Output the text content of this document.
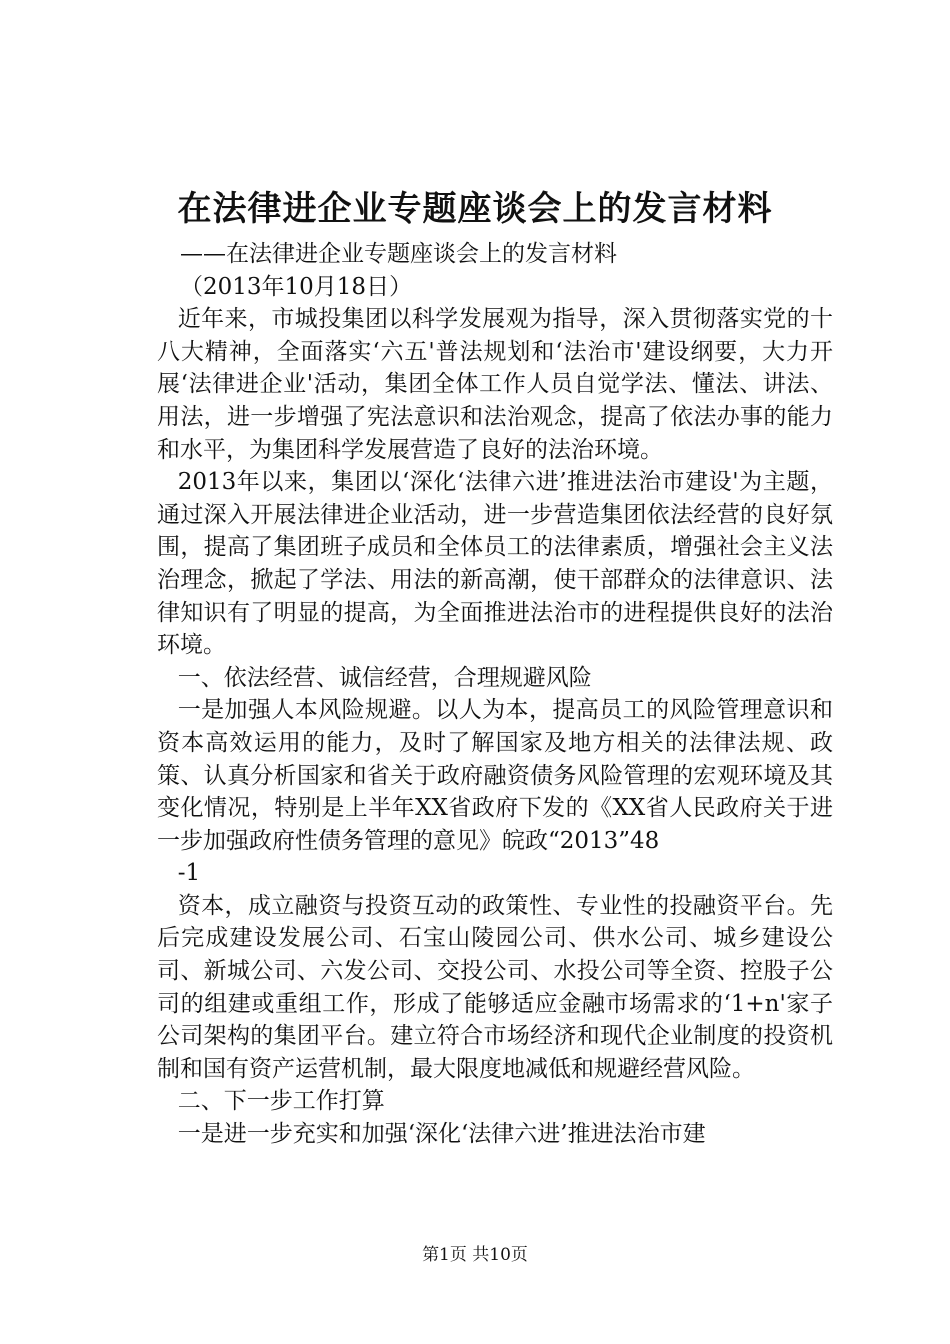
在法律进企业专题座谈会上的发言材料

——在法律进企业专题座谈会上的发言材料

（2013年10月18日）

近年来，市城投集团以科学发展观为指导，深入贯彻落实党的十八大精神，全面落实‘六五'普法规划和‘法治市'建设纲要，大力开展‘法律进企业'活动，集团全体工作人员自觉学法、懂法、讲法、用法，进一步增强了宪法意识和法治观念，提高了依法办事的能力和水平，为集团科学发展营造了良好的法治环境。

2013年以来，集团以‘深化‘法律六进’推进法治市建设'为主题，通过深入开展法律进企业活动，进一步营造集团依法经营的良好氛围，提高了集团班子成员和全体员工的法律素质，增强社会主义法治理念，掀起了学法、用法的新高潮，使干部群众的法律意识、法律知识有了明显的提高，为全面推进法治市的进程提供良好的法治环境。

一、依法经营、诚信经营，合理规避风险

一是加强人本风险规避。以人为本，提高员工的风险管理意识和资本高效运用的能力，及时了解国家及地方相关的法律法规、政策、认真分析国家和省关于政府融资债务风险管理的宏观环境及其变化情况，特别是上半年XX省政府下发的《XX省人民政府关于进一步加强政府性债务管理的意见》皖政“2013”48

-1

资本，成立融资与投资互动的政策性、专业性的投融资平台。先后完成建设发展公司、石宝山陵园公司、供水公司、城乡建设公司、新城公司、六发公司、交投公司、水投公司等全资、控股子公司的组建或重组工作，形成了能够适应金融市场需求的‘1+n'家子公司架构的集团平台。建立符合市场经济和现代企业制度的投资机制和国有资产运营机制，最大限度地减低和规避经营风险。

二、下一步工作打算

一是进一步充实和加强‘深化‘法律六进’推进法治市建

第1页 共10页
